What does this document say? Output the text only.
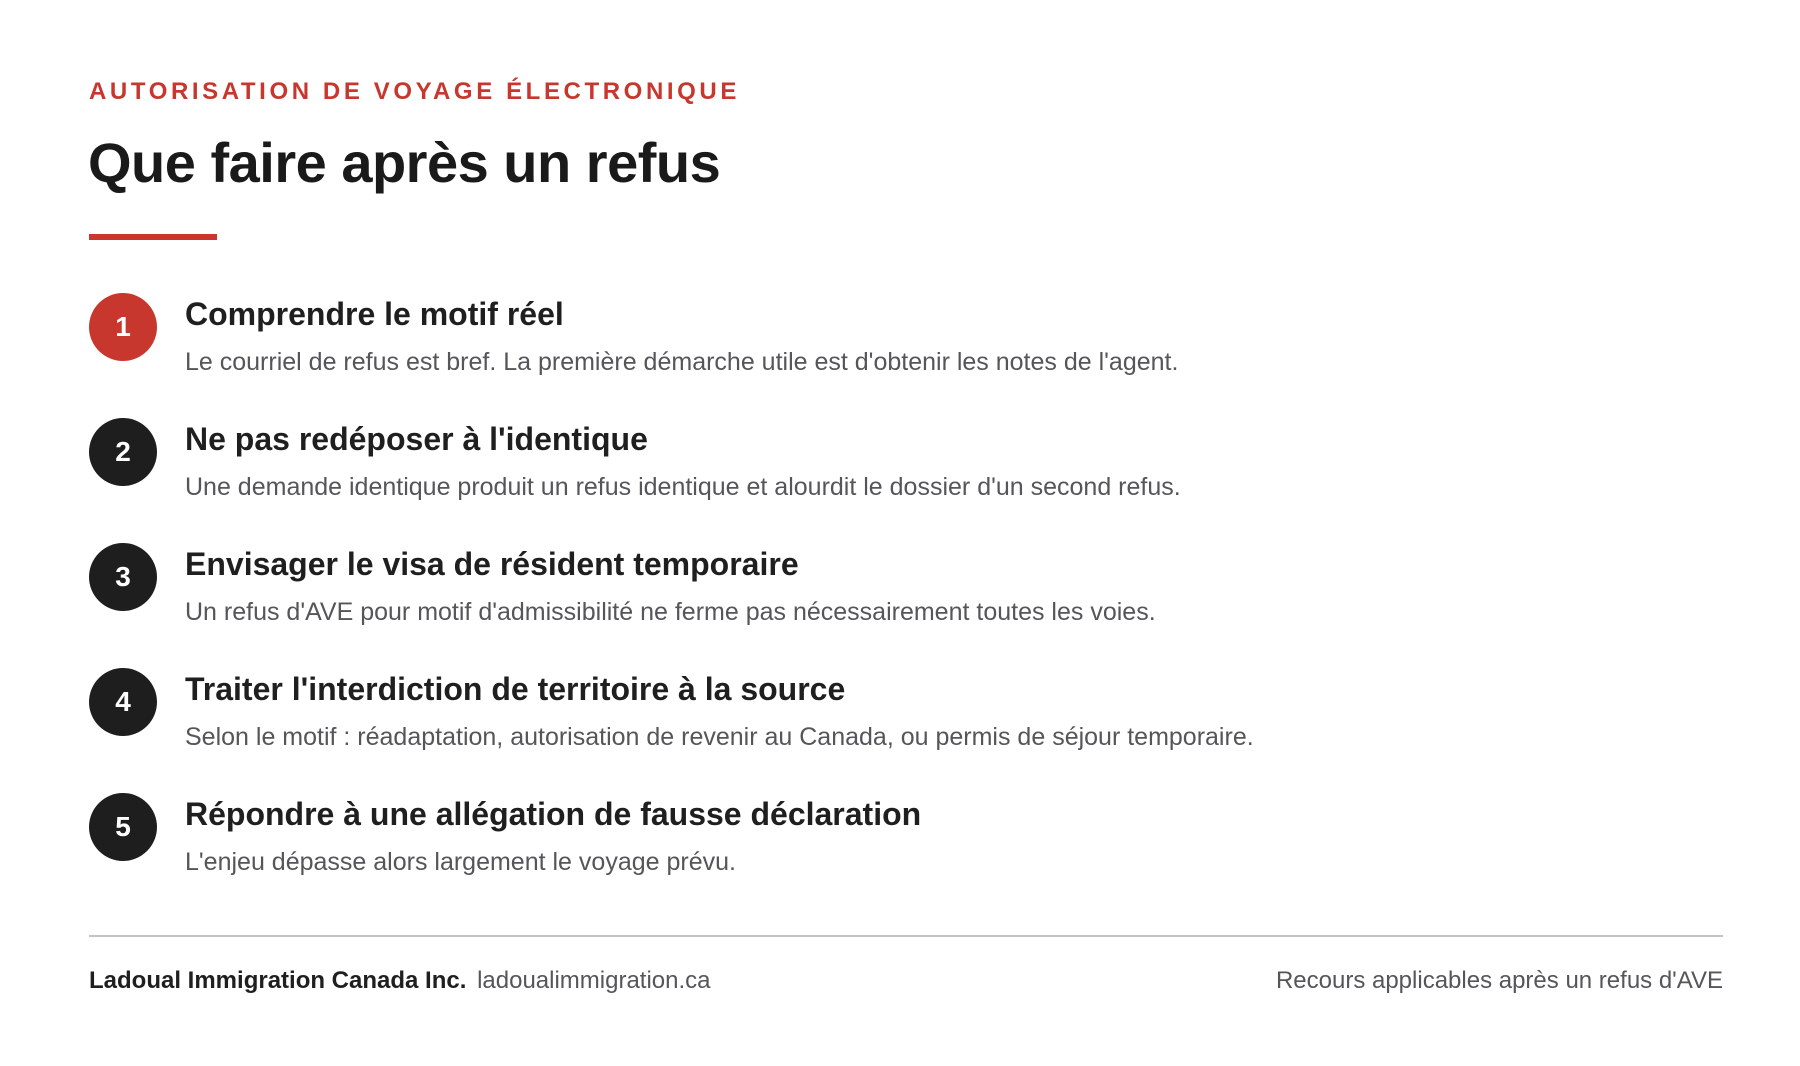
AUTORISATION DE VOYAGE ÉLECTRONIQUE
Que faire après un refus
1	Comprendre le motif réel
Le courriel de refus est bref. La première démarche utile est d'obtenir les notes de l'agent.
2	Ne pas redéposer à l'identique
Une demande identique produit un refus identique et alourdit le dossier d'un second refus.
3	Envisager le visa de résident temporaire
Un refus d'AVE pour motif d'admissibilité ne ferme pas nécessairement toutes les voies.
4	Traiter l'interdiction de territoire à la source
Selon le motif : réadaptation, autorisation de revenir au Canada, ou permis de séjour temporaire.
5	Répondre à une allégation de fausse déclaration
L'enjeu dépasse alors largement le voyage prévu.
Ladoual Immigration Canada Inc. ladoualimmigration.ca	Recours applicables après un refus d'AVE
